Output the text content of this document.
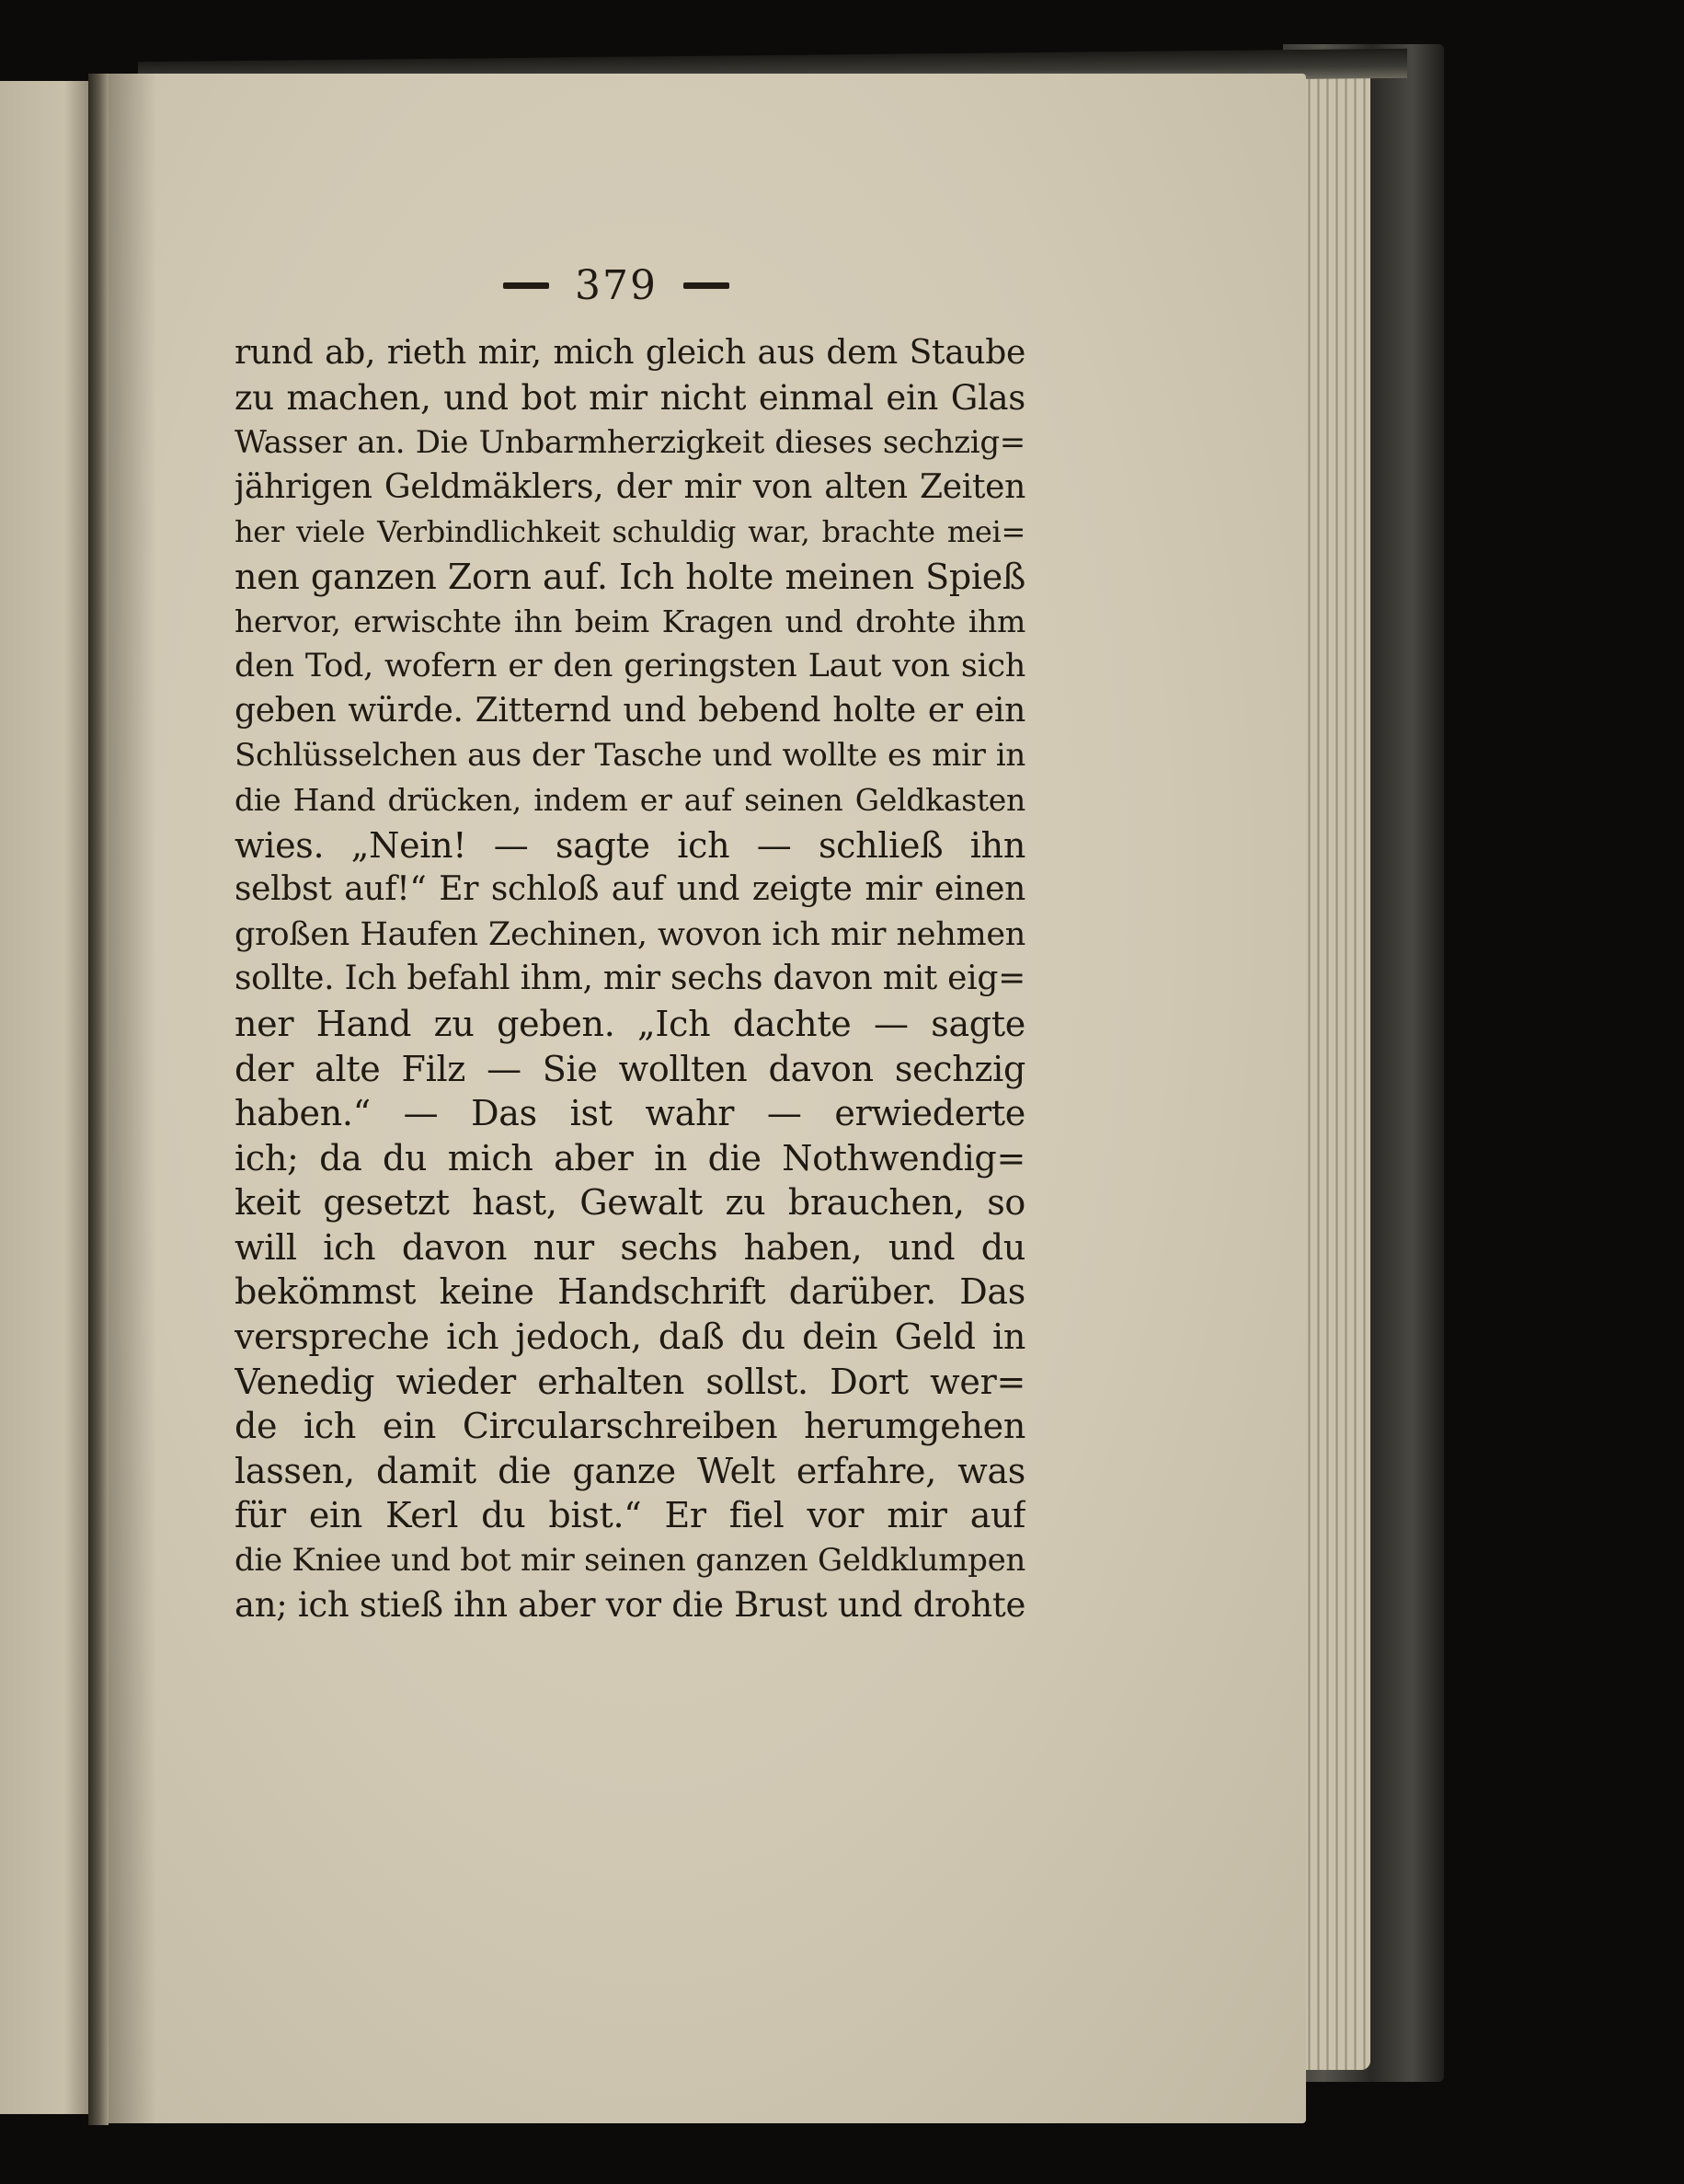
379
rund ab, rieth mir, mich gleich aus dem Staube
zu machen, und bot mir nicht einmal ein Glas
Wasser an. Die Unbarmherzigkeit dieses sechzig=
jährigen Geldmäklers, der mir von alten Zeiten
her viele Verbindlichkeit schuldig war, brachte mei=
nen ganzen Zorn auf. Ich holte meinen Spieß
hervor, erwischte ihn beim Kragen und drohte ihm
den Tod, wofern er den geringsten Laut von sich
geben würde. Zitternd und bebend holte er ein
Schlüsselchen aus der Tasche und wollte es mir in
die Hand drücken, indem er auf seinen Geldkasten
wies. „Nein! — sagte ich — schließ ihn
selbst auf!“ Er schloß auf und zeigte mir einen
großen Haufen Zechinen, wovon ich mir nehmen
sollte. Ich befahl ihm, mir sechs davon mit eig=
ner Hand zu geben. „Ich dachte — sagte
der alte Filz — Sie wollten davon sechzig
haben.“ — Das ist wahr — erwiederte
ich; da du mich aber in die Nothwendig=
keit gesetzt hast, Gewalt zu brauchen, so
will ich davon nur sechs haben, und du
bekömmst keine Handschrift darüber. Das
verspreche ich jedoch, daß du dein Geld in
Venedig wieder erhalten sollst. Dort wer=
de ich ein Circularschreiben herumgehen
lassen, damit die ganze Welt erfahre, was
für ein Kerl du bist.“ Er fiel vor mir auf
die Kniee und bot mir seinen ganzen Geldklumpen
an; ich stieß ihn aber vor die Brust und drohte
